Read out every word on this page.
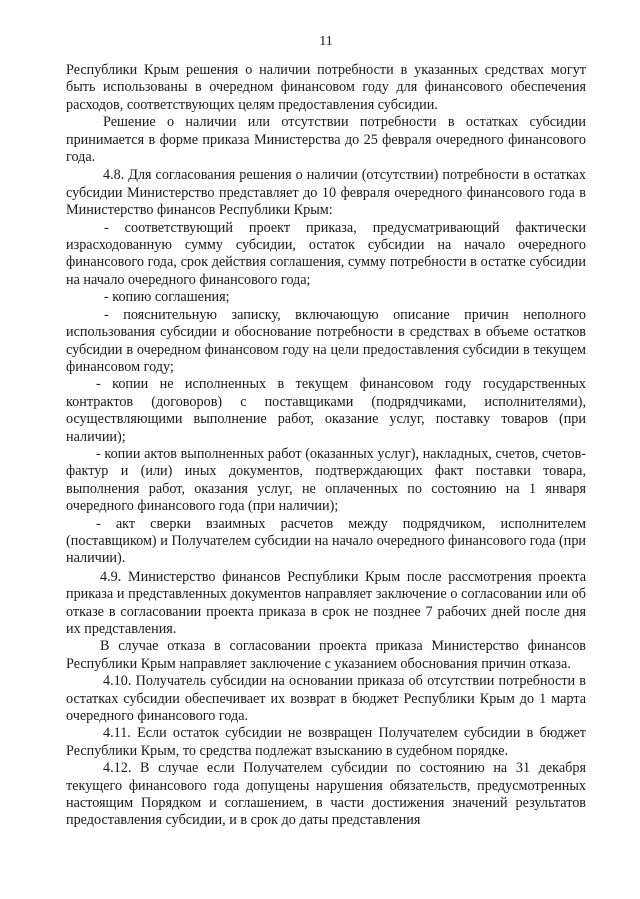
11

Республики Крым решения о наличии потребности в указанных средствах могут быть использованы в очередном финансовом году для финансового обеспечения расходов, соответствующих целям предоставления субсидии.

Решение о наличии или отсутствии потребности в остатках субсидии принимается в форме приказа Министерства до 25 февраля очередного финансового года.

4.8. Для согласования решения о наличии (отсутствии) потребности в остатках субсидии Министерство представляет до 10 февраля очередного финансового года в Министерство финансов Республики Крым:

- соответствующий проект приказа, предусматривающий фактически израсходованную сумму субсидии, остаток субсидии на начало очередного финансового года, срок действия соглашения, сумму потребности в остатке субсидии на начало очередного финансового года;

- копию соглашения;

- пояснительную записку, включающую описание причин неполного использования субсидии и обоснование потребности в средствах в объеме остатков субсидии в очередном финансовом году на цели предоставления субсидии в текущем финансовом году;

- копии не исполненных в текущем финансовом году государственных контрактов (договоров) с поставщиками (подрядчиками, исполнителями), осуществляющими выполнение работ, оказание услуг, поставку товаров (при наличии);

- копии актов выполненных работ (оказанных услуг), накладных, счетов, счетов-фактур и (или) иных документов, подтверждающих факт поставки товара, выполнения работ, оказания услуг, не оплаченных по состоянию на 1 января очередного финансового года (при наличии);

- акт сверки взаимных расчетов между подрядчиком, исполнителем (поставщиком) и Получателем субсидии на начало очередного финансового года (при наличии).

4.9. Министерство финансов Республики Крым после рассмотрения проекта приказа и представленных документов направляет заключение о согласовании или об отказе в согласовании проекта приказа в срок не позднее 7 рабочих дней после дня их представления.

В случае отказа в согласовании проекта приказа Министерство финансов Республики Крым направляет заключение с указанием обоснования причин отказа.

4.10. Получатель субсидии на основании приказа об отсутствии потребности в остатках субсидии обеспечивает их возврат в бюджет Республики Крым до 1 марта очередного финансового года.

4.11. Если остаток субсидии не возвращен Получателем субсидии в бюджет Республики Крым, то средства подлежат взысканию в судебном порядке.

4.12. В случае если Получателем субсидии по состоянию на 31 декабря текущего финансового года допущены нарушения обязательств, предусмотренных настоящим Порядком и соглашением, в части достижения значений результатов предоставления субсидии, и в срок до даты представления
